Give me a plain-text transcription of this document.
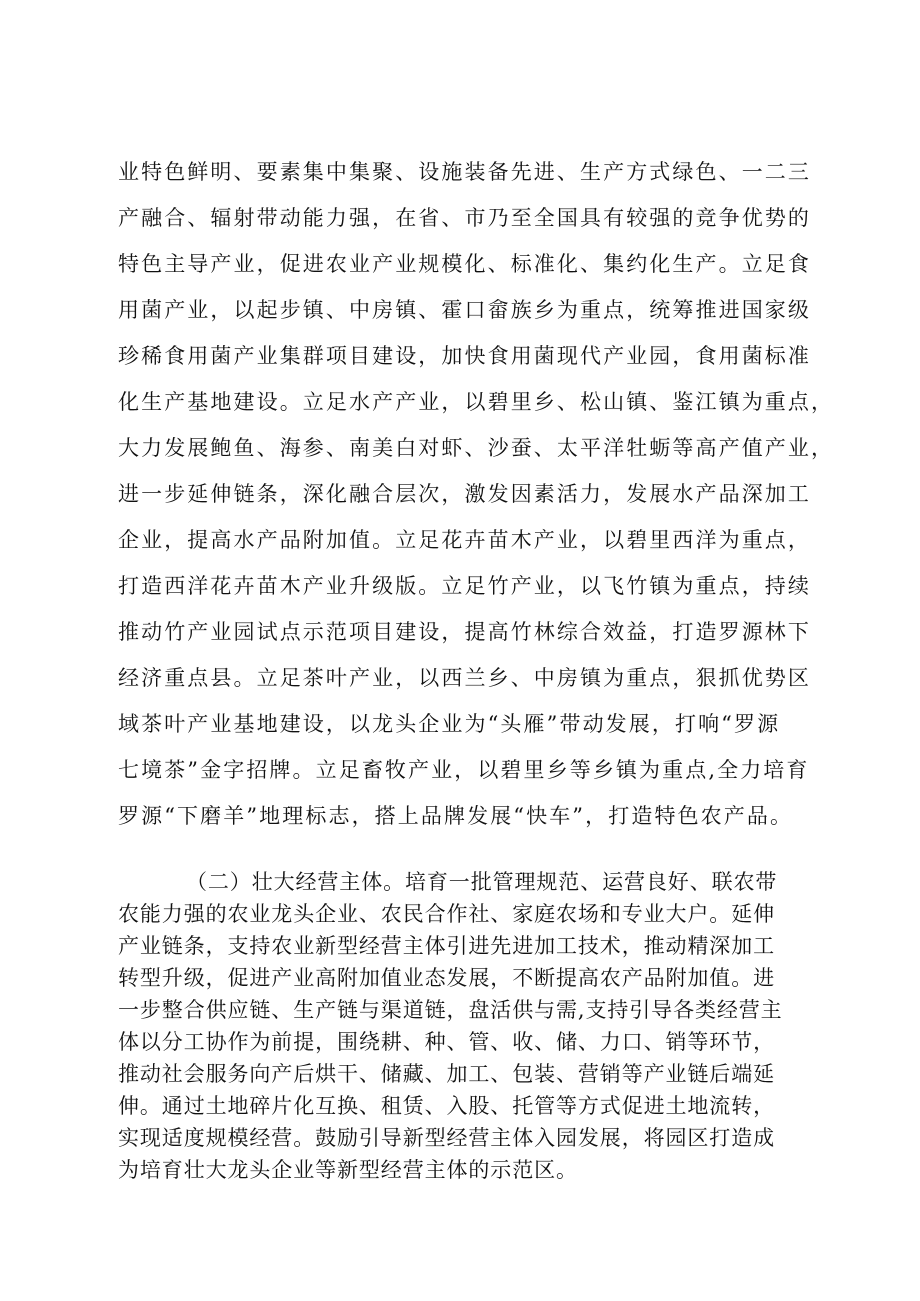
业特色鲜明、要素集中集聚、设施装备先进、生产方式绿色、一二三
产融合、辐射带动能力强，在省、市乃至全国具有较强的竞争优势的
特色主导产业，促进农业产业规模化、标准化、集约化生产。立足食
用菌产业，以起步镇、中房镇、霍口畲族乡为重点，统筹推进国家级
珍稀食用菌产业集群项目建设，加快食用菌现代产业园，食用菌标准
化生产基地建设。立足水产产业，以碧里乡、松山镇、鉴江镇为重点，
大力发展鲍鱼、海参、南美白对虾、沙蚕、太平洋牡蛎等高产值产业，
进一步延伸链条，深化融合层次，激发因素活力，发展水产品深加工
企业，提高水产品附加值。立足花卉苗木产业，以碧里西洋为重点，
打造西洋花卉苗木产业升级版。立足竹产业，以飞竹镇为重点，持续
推动竹产业园试点示范项目建设，提高竹林综合效益，打造罗源林下
经济重点县。立足茶叶产业，以西兰乡、中房镇为重点，狠抓优势区
域茶叶产业基地建设，以龙头企业为“头雁”带动发展，打响“罗源
七境茶”金字招牌。立足畜牧产业，以碧里乡等乡镇为重点,全力培育
罗源“下磨羊”地理标志，搭上品牌发展“快车”，打造特色农产品。
（二）壮大经营主体。培育一批管理规范、运营良好、联农带
农能力强的农业龙头企业、农民合作社、家庭农场和专业大户。延伸
产业链条，支持农业新型经营主体引进先进加工技术，推动精深加工
转型升级，促进产业高附加值业态发展，不断提高农产品附加值。进
一步整合供应链、生产链与渠道链，盘活供与需,支持引导各类经营主
体以分工协作为前提，围绕耕、种、管、收、储、力口、销等环节，
推动社会服务向产后烘干、储藏、加工、包装、营销等产业链后端延
伸。通过土地碎片化互换、租赁、入股、托管等方式促进土地流转，
实现适度规模经营。鼓励引导新型经营主体入园发展，将园区打造成
为培育壮大龙头企业等新型经营主体的示范区。
